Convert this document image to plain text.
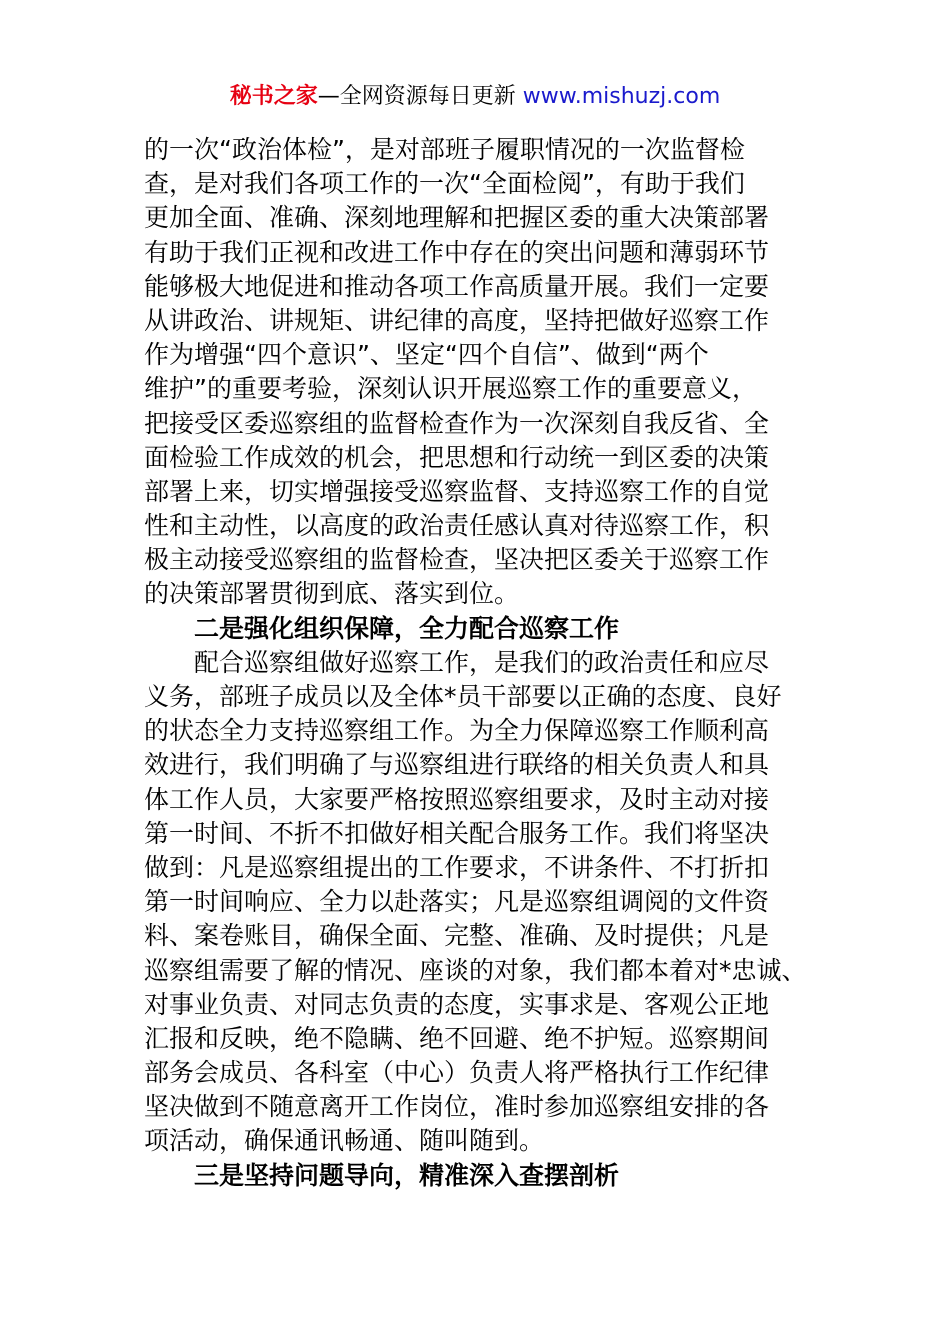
秘书之家—全网资源每日更新 www.mishuzj.com
的一次“政治体检”，是对部班子履职情况的一次监督检
查，是对我们各项工作的一次“全面检阅”，有助于我们
更加全面、准确、深刻地理解和把握区委的重大决策部署
有助于我们正视和改进工作中存在的突出问题和薄弱环节
能够极大地促进和推动各项工作高质量开展。我们一定要
从讲政治、讲规矩、讲纪律的高度，坚持把做好巡察工作
作为增强“四个意识”、坚定“四个自信”、做到“两个
维护”的重要考验，深刻认识开展巡察工作的重要意义，
把接受区委巡察组的监督检查作为一次深刻自我反省、全
面检验工作成效的机会，把思想和行动统一到区委的决策
部署上来，切实增强接受巡察监督、支持巡察工作的自觉
性和主动性，以高度的政治责任感认真对待巡察工作，积
极主动接受巡察组的监督检查，坚决把区委关于巡察工作
的决策部署贯彻到底、落实到位。
二是强化组织保障，全力配合巡察工作
配合巡察组做好巡察工作，是我们的政治责任和应尽
义务，部班子成员以及全体*员干部要以正确的态度、良好
的状态全力支持巡察组工作。为全力保障巡察工作顺利高
效进行，我们明确了与巡察组进行联络的相关负责人和具
体工作人员，大家要严格按照巡察组要求，及时主动对接
第一时间、不折不扣做好相关配合服务工作。我们将坚决
做到：凡是巡察组提出的工作要求，不讲条件、不打折扣
第一时间响应、全力以赴落实；凡是巡察组调阅的文件资
料、案卷账目，确保全面、完整、准确、及时提供；凡是
巡察组需要了解的情况、座谈的对象，我们都本着对*忠诚、
对事业负责、对同志负责的态度，实事求是、客观公正地
汇报和反映，绝不隐瞒、绝不回避、绝不护短。巡察期间
部务会成员、各科室（中心）负责人将严格执行工作纪律
坚决做到不随意离开工作岗位，准时参加巡察组安排的各
项活动，确保通讯畅通、随叫随到。
三是坚持问题导向，精准深入查摆剖析
